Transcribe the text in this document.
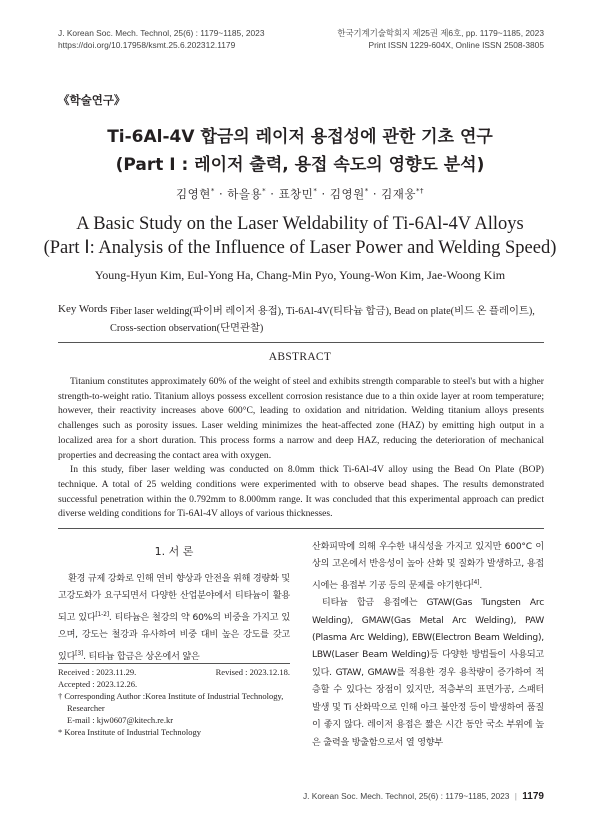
J. Korean Soc. Mech. Technol, 25(6) : 1179~1185, 2023
https://doi.org/10.17958/ksmt.25.6.202312.1179
한국기계기술학회지 제25권 제6호, pp. 1179~1185, 2023
Print ISSN 1229-604X, Online ISSN 2508-3805
《학술연구》
Ti-6Al-4V 합금의 레이저 용접성에 관한 기초 연구
(Part Ⅰ : 레이저 출력, 용접 속도의 영향도 분석)
김영현* · 하을용* · 표창민* · 김영원* · 김재웅*†
A Basic Study on the Laser Weldability of Ti-6Al-4V Alloys
(Part Ⅰ: Analysis of the Influence of Laser Power and Welding Speed)
Young-Hyun Kim, Eul-Yong Ha, Chang-Min Pyo, Young-Won Kim, Jae-Woong Kim
Key Words :
Fiber laser welding(파이버 레이저 용접), Ti-6Al-4V(티타늄 합금), Bead on plate(비드 온 플레이트), Cross-section observation(단면관찰)
ABSTRACT

Titanium constitutes approximately 60% of the weight of steel and exhibits strength comparable to steel's but with a higher strength-to-weight ratio. Titanium alloys possess excellent corrosion resistance due to a thin oxide layer at room temperature; however, their reactivity increases above 600°C, leading to oxidation and nitridation. Welding titanium alloys presents challenges such as porosity issues. Laser welding minimizes the heat-affected zone (HAZ) by emitting high output in a localized area for a short duration. This process forms a narrow and deep HAZ, reducing the deterioration of mechanical properties and decreasing the contact area with oxygen.

In this study, fiber laser welding was conducted on 8.0mm thick Ti-6Al-4V alloy using the Bead On Plate (BOP) technique. A total of 25 welding conditions were experimented with to observe bead shapes. The results demonstrated successful penetration within the 0.792mm to 8.000mm range. It was concluded that this experimental approach can predict diverse welding conditions for Ti-6Al-4V alloys of various thicknesses.

1. 서 론
환경 규제 강화로 인해 연비 향상과 안전을 위해 경량화 및 고강도화가 요구되면서 다양한 산업분야에서 티타늄이 활용되고 있다[1-2]. 티타늄은 철강의 약 60%의 비중을 가지고 있으며, 강도는 철강과 유사하여 비중 대비 높은 강도를 갖고 있다[3]. 티타늄 합금은 상온에서 얇은

산화피막에 의해 우수한 내식성을 가지고 있지만 600°C 이상의 고온에서 반응성이 높아 산화 및 질화가 발생하고, 용접 시에는 용접부 기공 등의 문제를 야기한다[4].

티타늄 합금 용접에는 GTAW(Gas Tungsten Arc Welding), GMAW(Gas Metal Arc Welding), PAW (Plasma Arc Welding), EBW(Electron Beam Welding), LBW(Laser Beam Welding)등 다양한 방법들이 사용되고 있다. GTAW, GMAW를 적용한 경우 용착량이 증가하여 적층할 수 있다는 장점이 있지만, 적층부의 표면가공, 스패터 발생 및 Ti 산화막으로 인해 아크 불안정 등이 발생하여 품질이 좋지 않다. 레이저 용접은 짧은 시간 동안 국소 부위에 높은 출력을 방출함으로서 열 영향부

Received : 2023.11.29.	Revised : 2023.12.18.
Accepted : 2023.12.26.
† Corresponding Author :Korea Institute of Industrial Technology,
Researcher
E-mail : kjw0607@kitech.re.kr
* Korea Institute of Industrial Technology
J. Korean Soc. Mech. Technol, 25(6) : 1179~1185, 2023 | 1179
